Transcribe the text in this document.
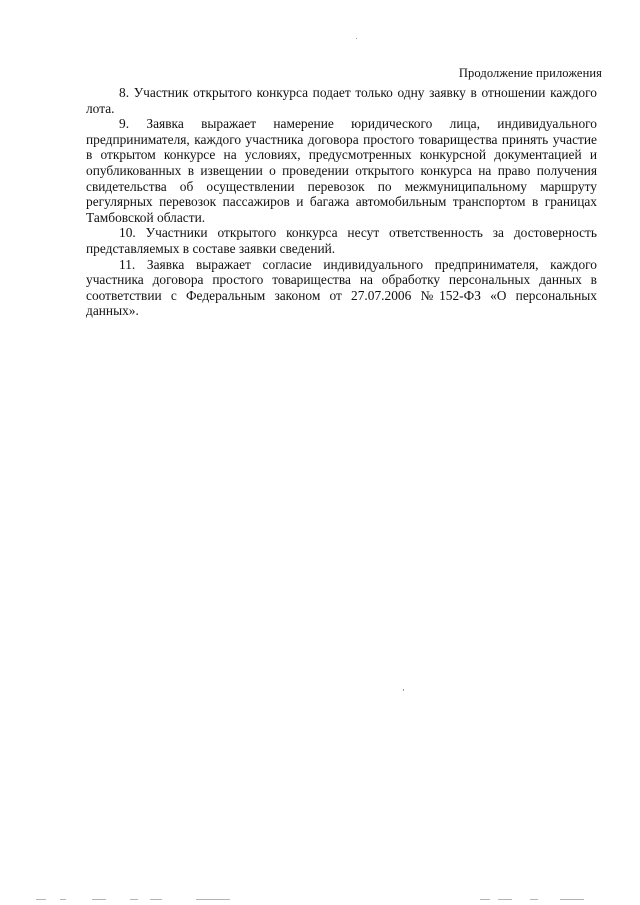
Продолжение приложения

8. Участник открытого конкурса подает только одну заявку в отношении каждого лота.

9. Заявка выражает намерение юридического лица, индивидуального предпринимателя, каждого участника договора простого товарищества принять участие в открытом конкурсе на условиях, предусмотренных конкурсной документацией и опубликованных в извещении о проведении открытого конкурса на право получения свидетельства об осуществлении перевозок по межмуниципальному маршруту регулярных перевозок пассажиров и багажа автомобильным транспортом в границах Тамбовской области.

10. Участники открытого конкурса несут ответственность за достоверность представляемых в составе заявки сведений.

11. Заявка выражает согласие индивидуального предпринимателя, каждого участника договора простого товарищества на обработку персональных данных в соответствии с Федеральным законом от 27.07.2006 №152-ФЗ «О персональных данных».
